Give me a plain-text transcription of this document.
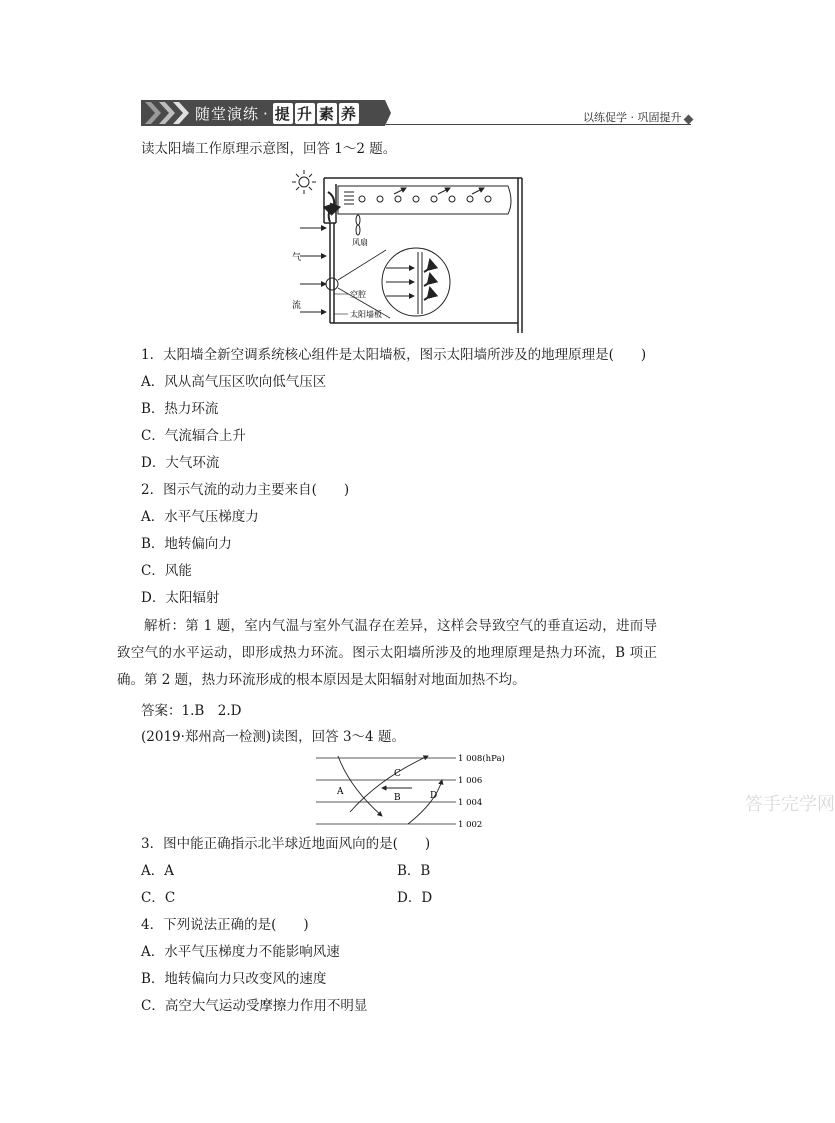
随堂演练 · 提 升 素 养	以练促学 · 巩固提升
读太阳墙工作原理示意图，回答 1～2 题。
风扇
气
流
空腔
太阳墙板
1．太阳墙全新空调系统核心组件是太阳墙板，图示太阳墙所涉及的地理原理是(　　)
A．风从高气压区吹向低气压区
B．热力环流
C．气流辐合上升
D．大气环流
2．图示气流的动力主要来自(　　)
A．水平气压梯度力
B．地转偏向力
C．风能
D．太阳辐射
解析：第 1 题，室内气温与室外气温存在差异，这样会导致空气的垂直运动，进而导致空气的水平运动，即形成热力环流。图示太阳墙所涉及的地理原理是热力环流，B 项正确。第 2 题，热力环流形成的根本原因是太阳辐射对地面加热不均。
答案：1.B　2.D
(2019·郑州高一检测)读图，回答 3～4 题。
1 008(hPa)
1 006
1 004
1 002
A
B
C
D	答手完学网
3．图中能正确指示北半球近地面风向的是(　　)
A．A	B．B
C．C	D．D
4．下列说法正确的是(　　)
A．水平气压梯度力不能影响风速
B．地转偏向力只改变风的速度
C．高空大气运动受摩擦力作用不明显
